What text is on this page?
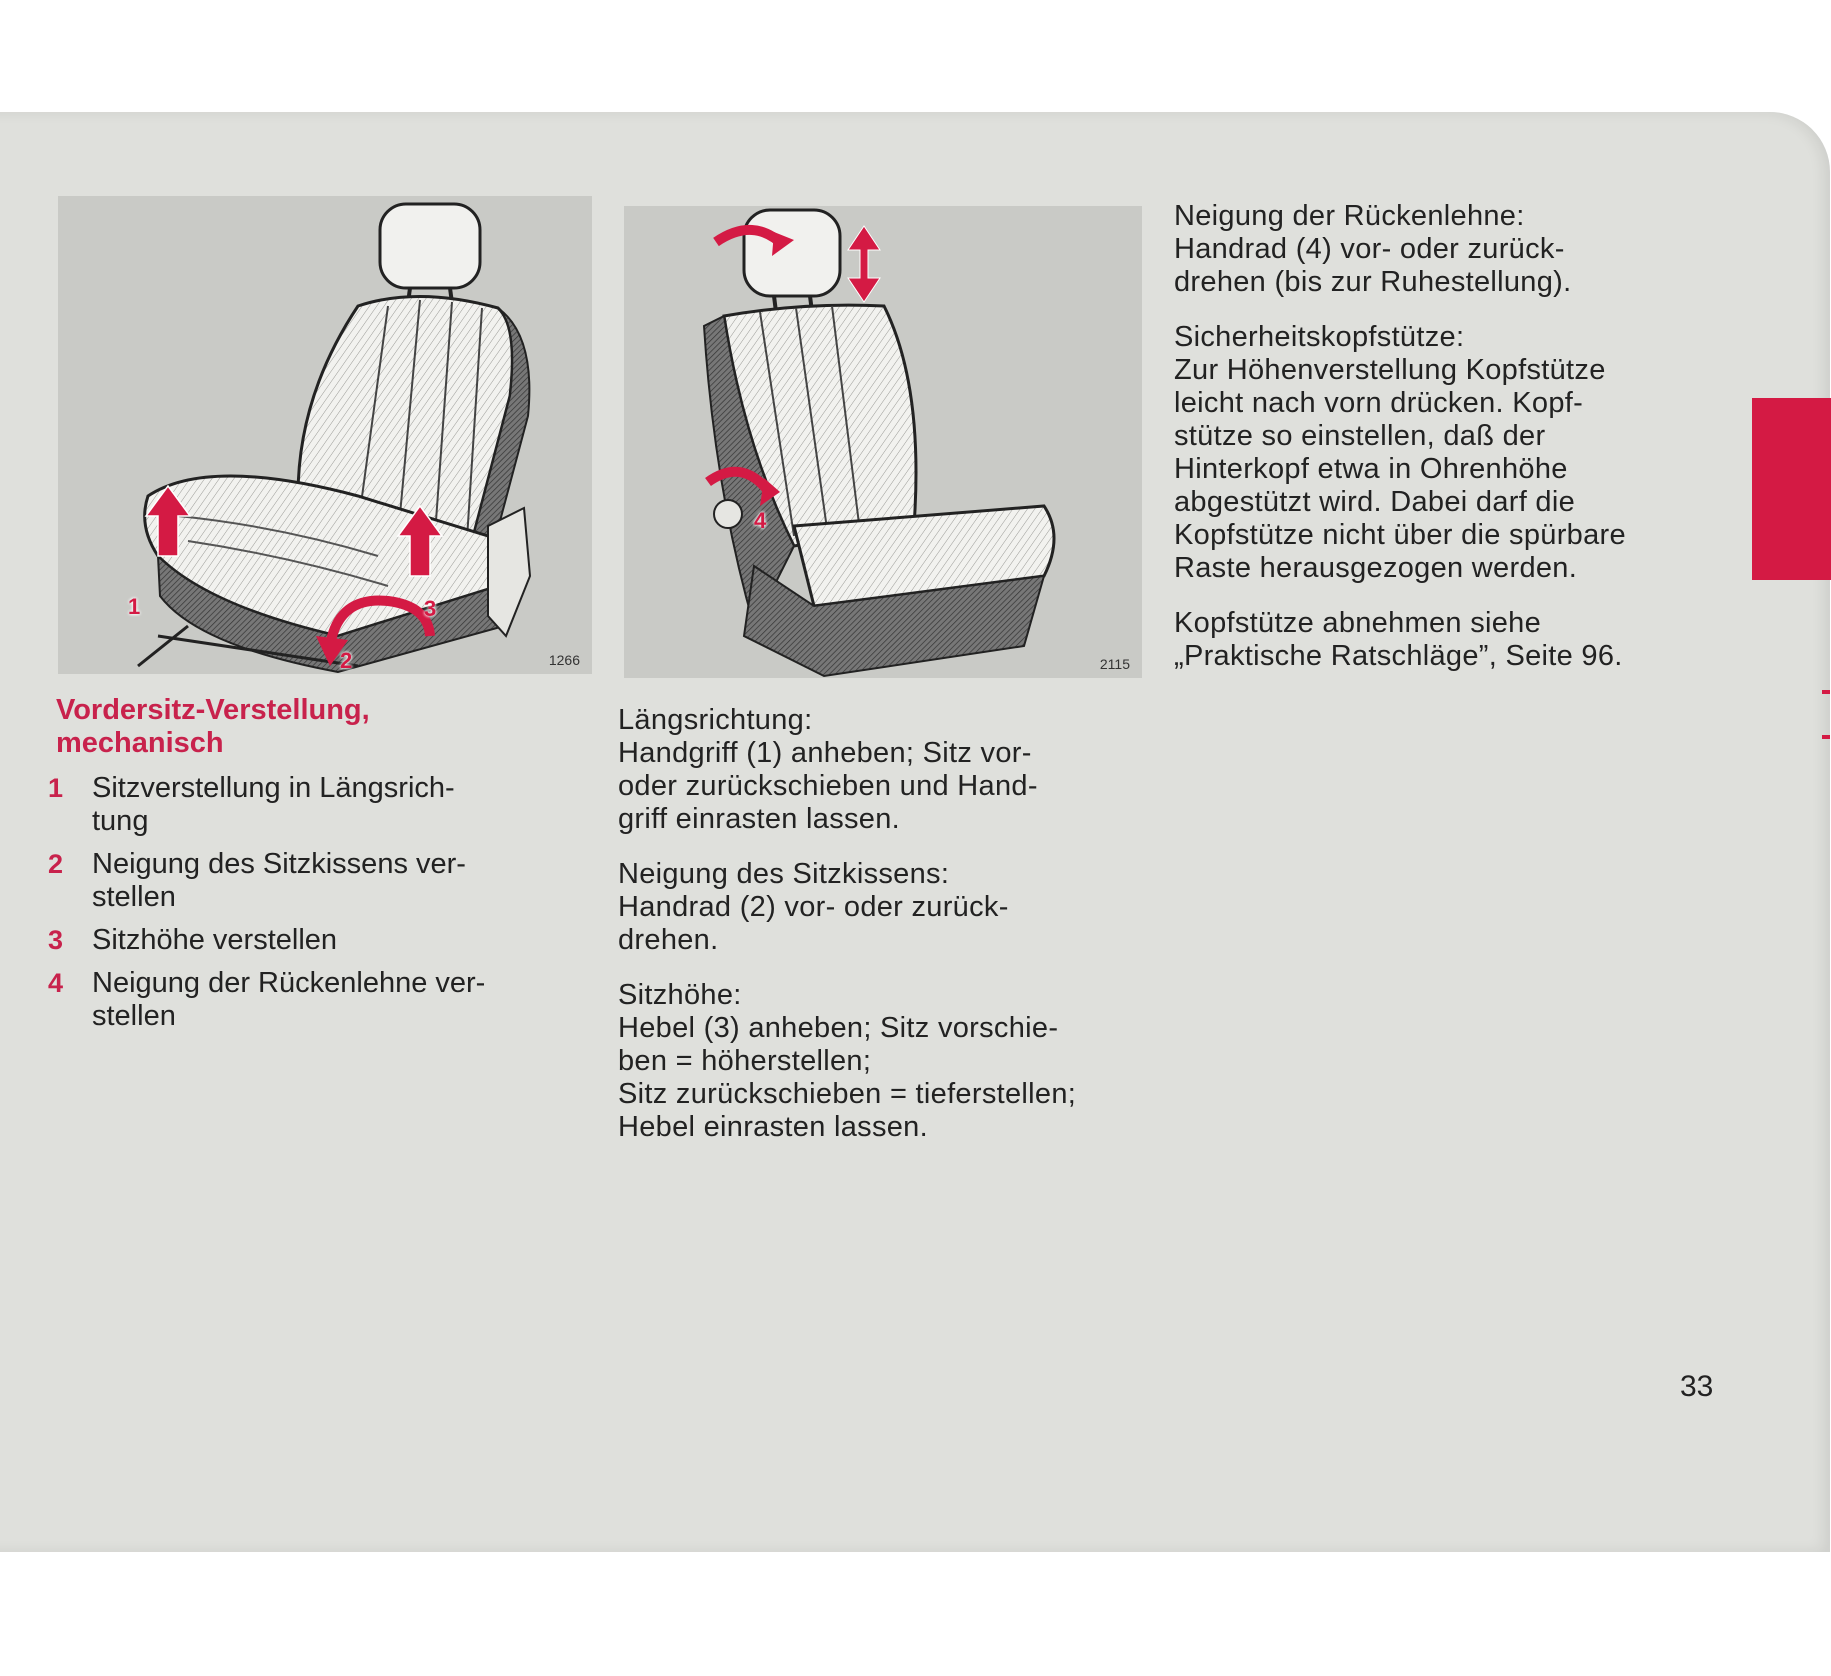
1
2
3
1266
4
2115
Vordersitz-Verstellung,
mechanisch
1 Sitzverstellung in Längsrich-
tung
2 Neigung des Sitzkissens ver-
stellen
3 Sitzhöhe verstellen
4 Neigung der Rückenlehne ver-
stellen

Längsrichtung:
Handgriff (1) anheben; Sitz vor-
oder zurückschieben und Hand-
griff einrasten lassen.

Neigung des Sitzkissens:
Handrad (2) vor- oder zurück-
drehen.

Sitzhöhe:
Hebel (3) anheben; Sitz vorschie-
ben = höherstellen;
Sitz zurückschieben = tieferstellen;
Hebel einrasten lassen.

Neigung der Rückenlehne:
Handrad (4) vor- oder zurück-
drehen (bis zur Ruhestellung).

Sicherheitskopfstütze:
Zur Höhenverstellung Kopfstütze
leicht nach vorn drücken. Kopf-
stütze so einstellen, daß der
Hinterkopf etwa in Ohrenhöhe
abgestützt wird. Dabei darf die
Kopfstütze nicht über die spürbare
Raste herausgezogen werden.

Kopfstütze abnehmen siehe
„Praktische Ratschläge”, Seite 96.

33
